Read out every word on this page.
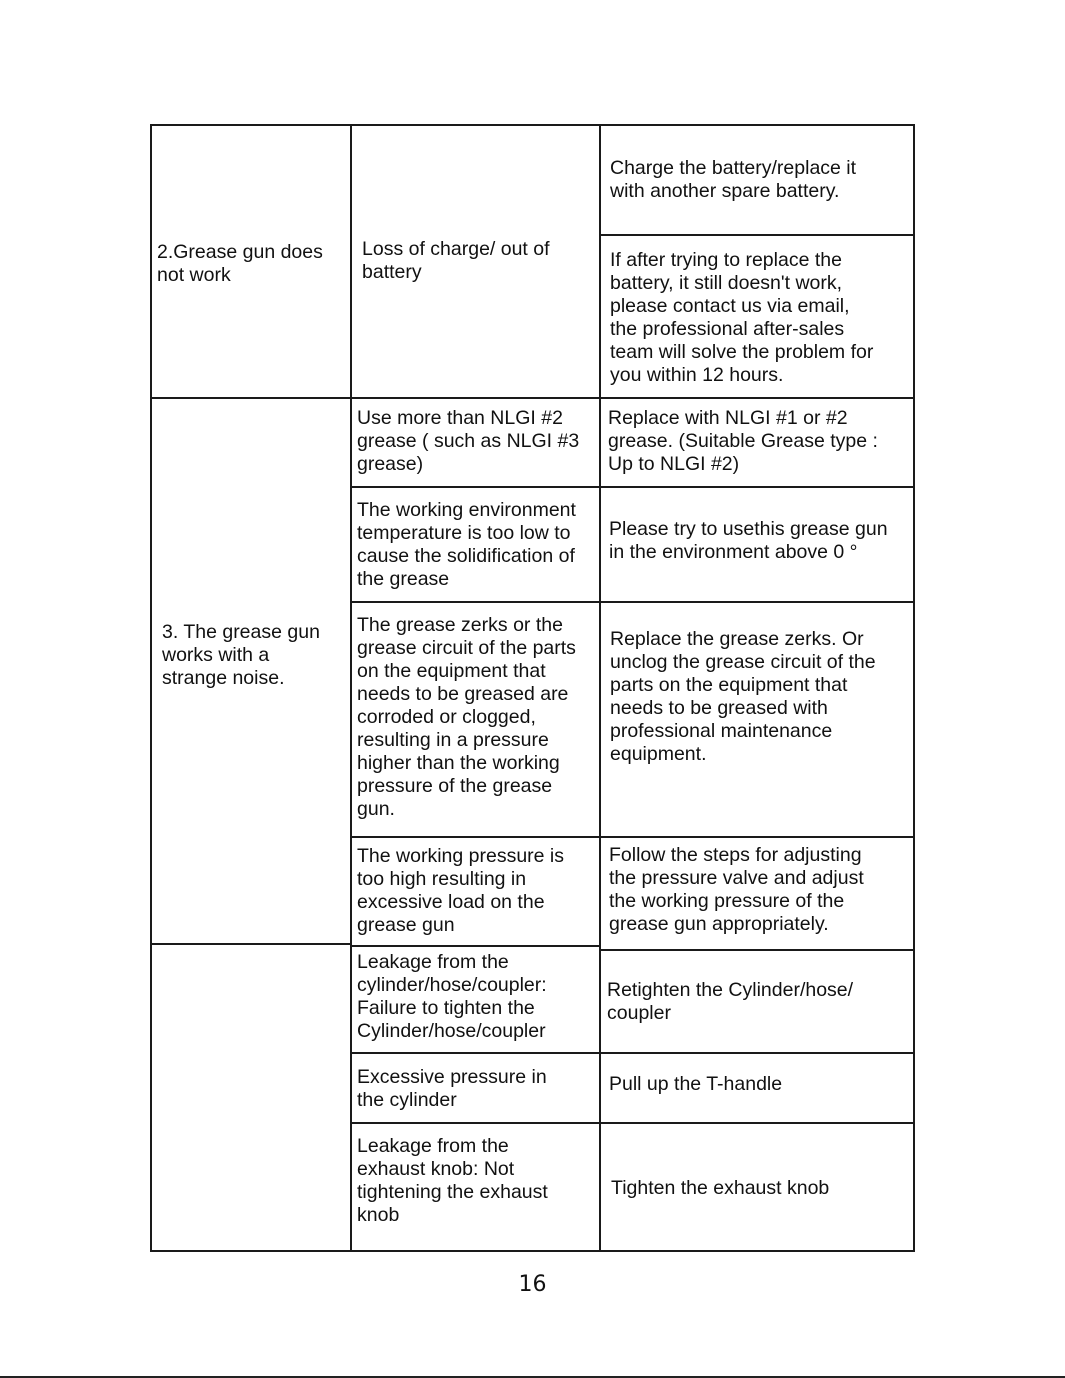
2.Grease gun does
not work
Loss of charge/ out of
battery
Charge the battery/replace it
with another spare battery.
If after trying to replace the
battery, it still doesn't work,
please contact us via email,
the professional after-sales
team will solve the problem for
you within 12 hours.
3. The grease gun
works with a
strange noise.
Use more than NLGI #2
grease ( such as NLGI #3
grease)
Replace with NLGI #1 or #2
grease. (Suitable Grease type :
Up to NLGI #2)
The working environment
temperature is too low to
cause the solidification of
the grease
Please try to usethis grease gun
in the environment above 0 °
The grease zerks or the
grease circuit of the parts
on the equipment that
needs to be greased are
corroded or clogged,
resulting in a pressure
higher than the working
pressure of the grease
gun.
Replace the grease zerks. Or
unclog the grease circuit of the
parts on the equipment that
needs to be greased with
professional maintenance
equipment.
The working pressure is
too high resulting in
excessive load on the
grease gun
Follow the steps for adjusting
the pressure valve and adjust
the working pressure of the
grease gun appropriately.
Leakage from the
cylinder/hose/coupler:
Failure to tighten the
Cylinder/hose/coupler
Retighten the Cylinder/hose/
coupler
Excessive pressure in
the cylinder
Pull up the T-handle
Leakage from the
exhaust knob: Not
tightening the exhaust
knob
Tighten the exhaust knob
16
